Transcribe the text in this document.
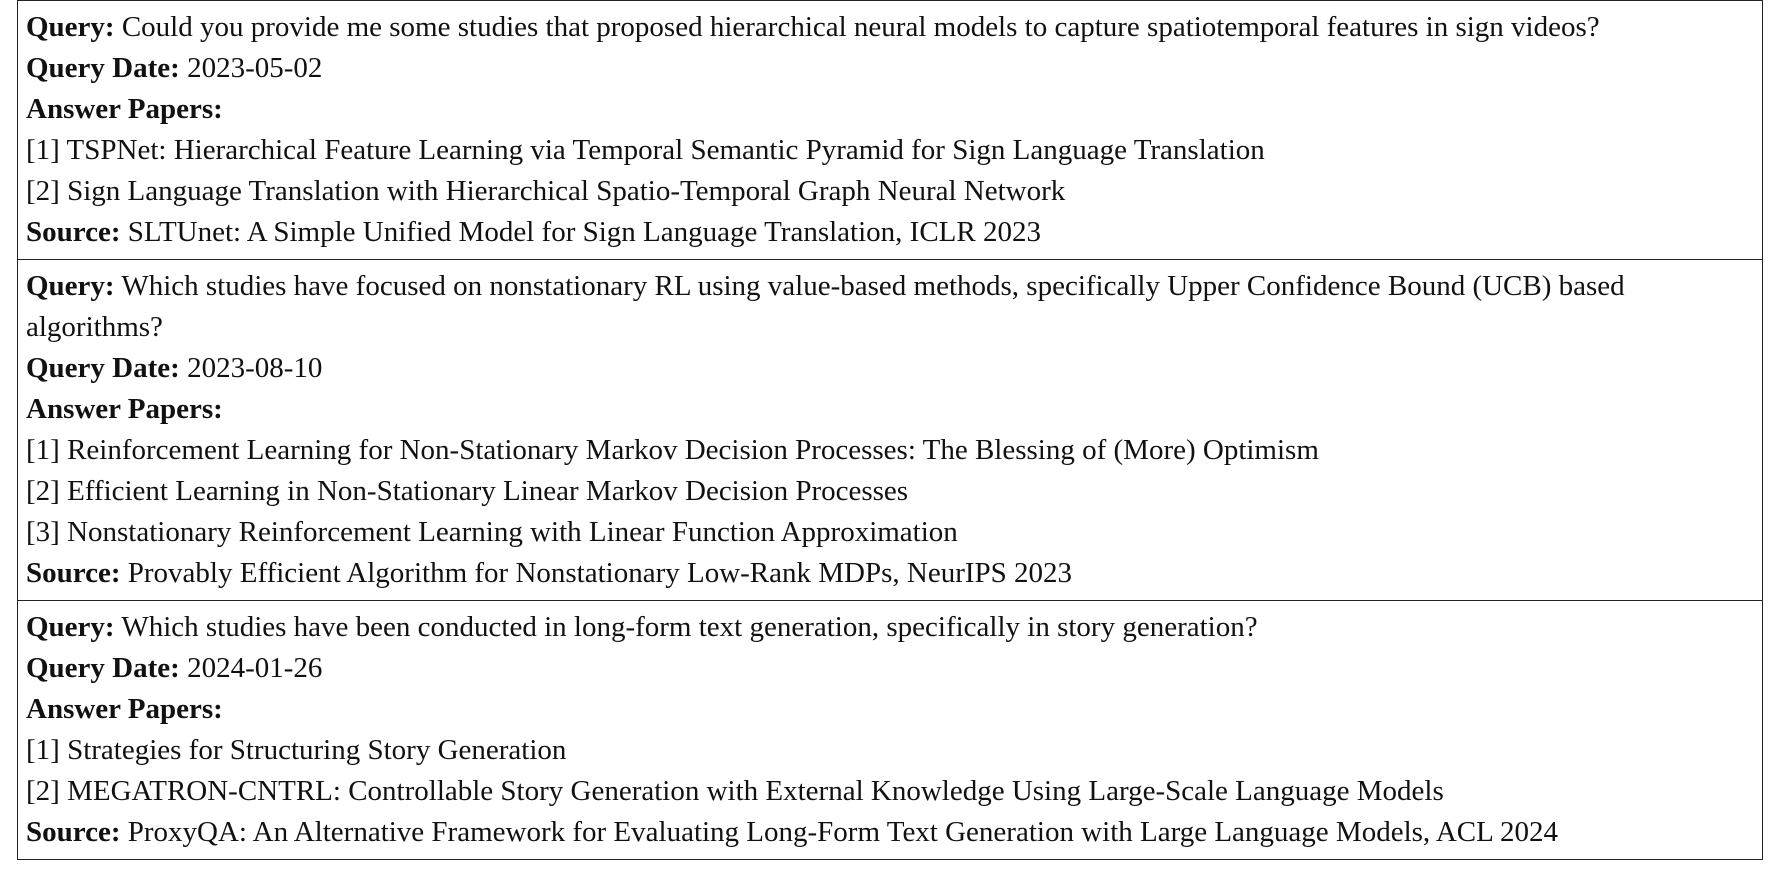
Query: Could you provide me some studies that proposed hierarchical neural models to capture spatiotemporal features in sign videos?
Query Date: 2023-05-02
Answer Papers:
[1] TSPNet: Hierarchical Feature Learning via Temporal Semantic Pyramid for Sign Language Translation
[2] Sign Language Translation with Hierarchical Spatio-Temporal Graph Neural Network
Source: SLTUnet: A Simple Unified Model for Sign Language Translation, ICLR 2023
Query: Which studies have focused on nonstationary RL using value-based methods, specifically Upper Confidence Bound (UCB) based algorithms?
Query Date: 2023-08-10
Answer Papers:
[1] Reinforcement Learning for Non-Stationary Markov Decision Processes: The Blessing of (More) Optimism
[2] Efficient Learning in Non-Stationary Linear Markov Decision Processes
[3] Nonstationary Reinforcement Learning with Linear Function Approximation
Source: Provably Efficient Algorithm for Nonstationary Low-Rank MDPs, NeurIPS 2023
Query: Which studies have been conducted in long-form text generation, specifically in story generation?
Query Date: 2024-01-26
Answer Papers:
[1] Strategies for Structuring Story Generation
[2] MEGATRON-CNTRL: Controllable Story Generation with External Knowledge Using Large-Scale Language Models
Source: ProxyQA: An Alternative Framework for Evaluating Long-Form Text Generation with Large Language Models, ACL 2024
